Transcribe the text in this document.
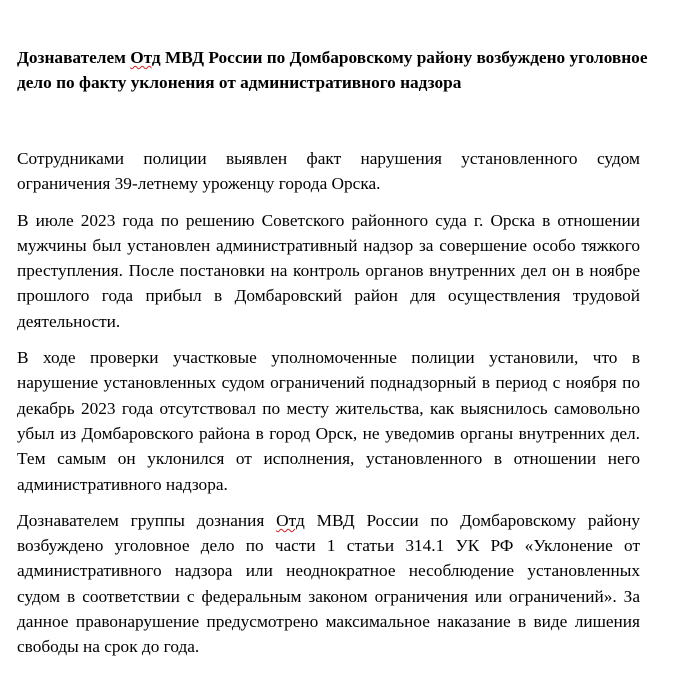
Дознавателем Отд МВД России по Домбаровскому району возбуждено уголовное дело по факту уклонения от административного надзора

Сотрудниками полиции выявлен факт нарушения установленного судом ограничения 39-летнему уроженцу города Орска.

В июле 2023 года по решению Советского районного суда г. Орска в отношении мужчины был установлен административный надзор за совершение особо тяжкого преступления. После постановки на контроль органов внутренних дел он в ноябре прошлого года прибыл в Домбаровский район для осуществления трудовой деятельности.

В ходе проверки участковые уполномоченные полиции установили, что в нарушение установленных судом ограничений поднадзорный в период с ноября по декабрь 2023 года отсутствовал по месту жительства, как выяснилось самовольно убыл из Домбаровского района в город Орск, не уведомив органы внутренних дел. Тем самым он уклонился от исполнения, установленного в отношении него административного надзора.

Дознавателем группы дознания Отд МВД России по Домбаровскому району возбуждено уголовное дело по части 1 статьи 314.1 УК РФ «Уклонение от административного надзора или неоднократное несоблюдение установленных судом в соответствии с федеральным законом ограничения или ограничений». За данное правонарушение предусмотрено максимальное наказание в виде лишения свободы на срок до года.
